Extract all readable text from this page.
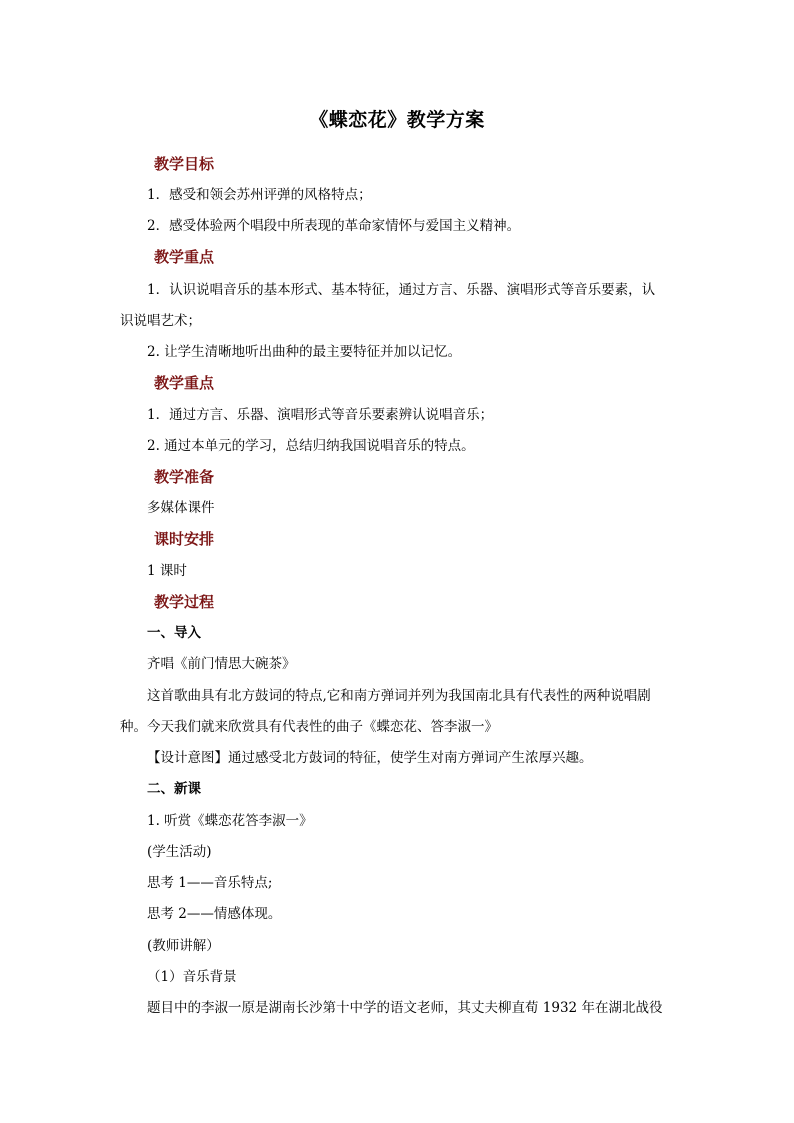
《蝶恋花》教学方案
教学目标
1．感受和领会苏州评弹的风格特点；
2．感受体验两个唱段中所表现的革命家情怀与爱国主义精神。
教学重点
1．认识说唱音乐的基本形式、基本特征，通过方言、乐器、演唱形式等音乐要素，认
识说唱艺术；
2. 让学生清晰地听出曲种的最主要特征并加以记忆。
教学重点
1．通过方言、乐器、演唱形式等音乐要素辨认说唱音乐；
2. 通过本单元的学习，总结归纳我国说唱音乐的特点。
教学准备
多媒体课件
课时安排
1 课时
教学过程
一、导入
齐唱《前门情思大碗茶》
这首歌曲具有北方鼓词的特点,它和南方弹词并列为我国南北具有代表性的两种说唱剧
种。今天我们就来欣赏具有代表性的曲子《蝶恋花、答李淑一》
【设计意图】通过感受北方鼓词的特征，使学生对南方弹词产生浓厚兴趣。
二、新课
1. 听赏《蝶恋花答李淑一》
(学生活动)
思考 1——音乐特点;
思考 2——情感体现。
(教师讲解）
（1）音乐背景
题目中的李淑一原是湖南长沙第十中学的语文老师，其丈夫柳直荀 1932 年在湖北战役
